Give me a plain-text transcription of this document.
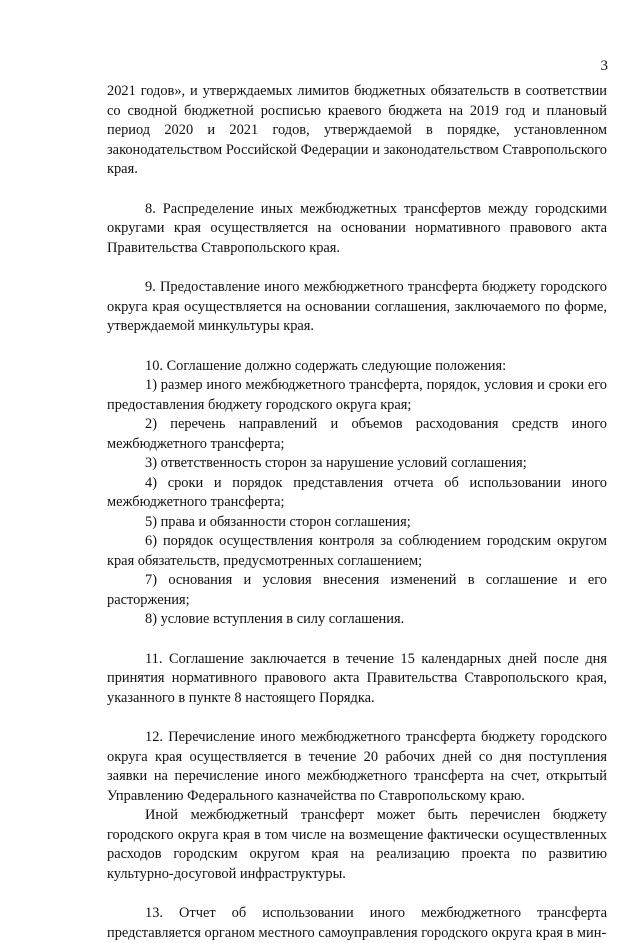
3

2021 годов», и утверждаемых лимитов бюджетных обязательств в соответствии со сводной бюджетной росписью краевого бюджета на 2019 год и плановый период 2020 и 2021 годов, утверждаемой в порядке, установленном законодательством Российской Федерации и законодательством Ставропольского края.

8. Распределение иных межбюджетных трансфертов между городскими округами края осуществляется на основании нормативного правового акта Правительства Ставропольского края.

9. Предоставление иного межбюджетного трансферта бюджету городского округа края осуществляется на основании соглашения, заключаемого по форме, утверждаемой минкультуры края.

10. Соглашение должно содержать следующие положения:

1) размер иного межбюджетного трансферта, порядок, условия и сроки его предоставления бюджету городского округа края;

2) перечень направлений и объемов расходования средств иного межбюджетного трансферта;

3) ответственность сторон за нарушение условий соглашения;

4) сроки и порядок представления отчета об использовании иного межбюджетного трансферта;

5) права и обязанности сторон соглашения;

6) порядок осуществления контроля за соблюдением городским округом края обязательств, предусмотренных соглашением;

7) основания и условия внесения изменений в соглашение и его расторжения;

8) условие вступления в силу соглашения.

11. Соглашение заключается в течение 15 календарных дней после дня принятия нормативного правового акта Правительства Ставропольского края, указанного в пункте 8 настоящего Порядка.

12. Перечисление иного межбюджетного трансферта бюджету городского округа края осуществляется в течение 20 рабочих дней со дня поступления заявки на перечисление иного межбюджетного трансферта на счет, открытый Управлению Федерального казначейства по Ставропольскому краю.

Иной межбюджетный трансферт может быть перечислен бюджету городского округа края в том числе на возмещение фактически осуществленных расходов городским округом края на реализацию проекта по развитию культурно-досуговой инфраструктуры.

13. Отчет об использовании иного межбюджетного трансферта представляется органом местного самоуправления городского округа края в мин-
